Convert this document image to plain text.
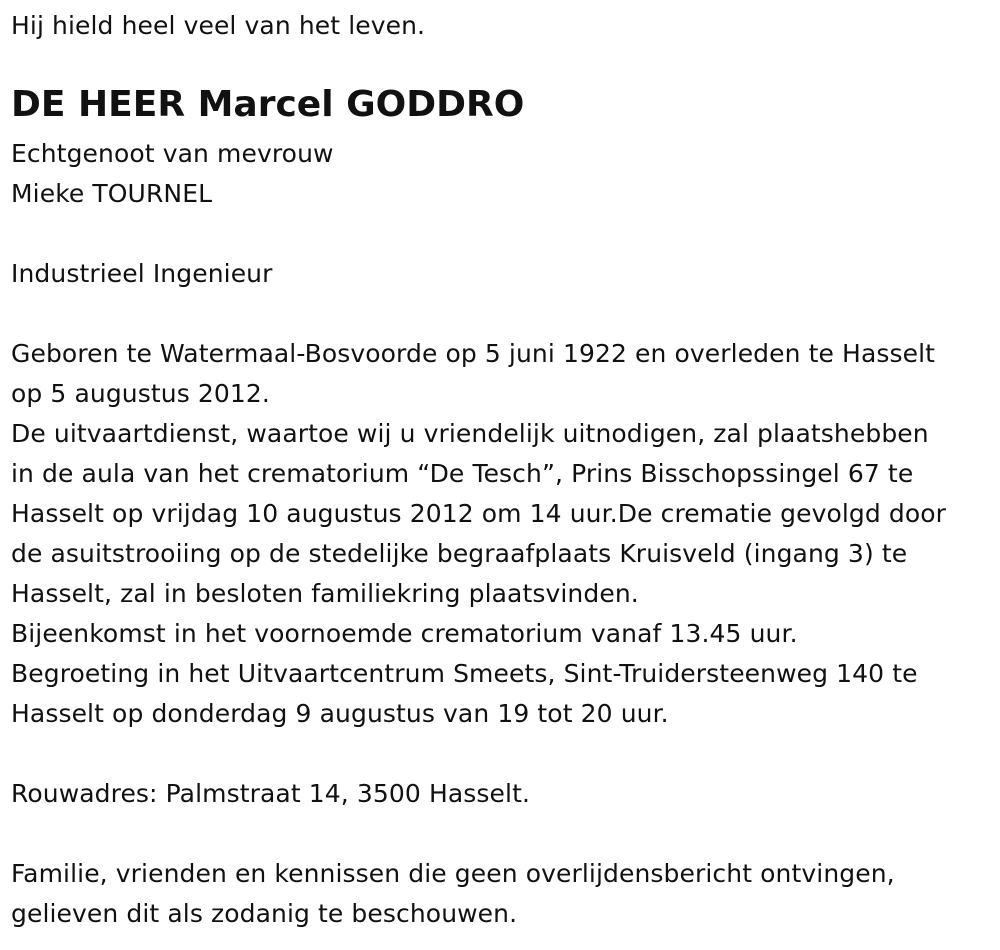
Hij hield heel veel van het leven.
DE HEER Marcel GODDRO
Echtgenoot van mevrouw
Mieke TOURNEL
Industrieel Ingenieur
Geboren te Watermaal-Bosvoorde op 5 juni 1922 en overleden te Hasselt
op 5 augustus 2012.
De uitvaartdienst, waartoe wij u vriendelijk uitnodigen, zal plaatshebben
in de aula van het crematorium “De Tesch”, Prins Bisschopssingel 67 te
Hasselt op vrijdag 10 augustus 2012 om 14 uur.De crematie gevolgd door
de asuitstrooiing op de stedelijke begraafplaats Kruisveld (ingang 3) te
Hasselt, zal in besloten familiekring plaatsvinden.
Bijeenkomst in het voornoemde crematorium vanaf 13.45 uur.
Begroeting in het Uitvaartcentrum Smeets, Sint-Truidersteenweg 140 te
Hasselt op donderdag 9 augustus van 19 tot 20 uur.
Rouwadres: Palmstraat 14, 3500 Hasselt.
Familie, vrienden en kennissen die geen overlijdensbericht ontvingen,
gelieven dit als zodanig te beschouwen.
